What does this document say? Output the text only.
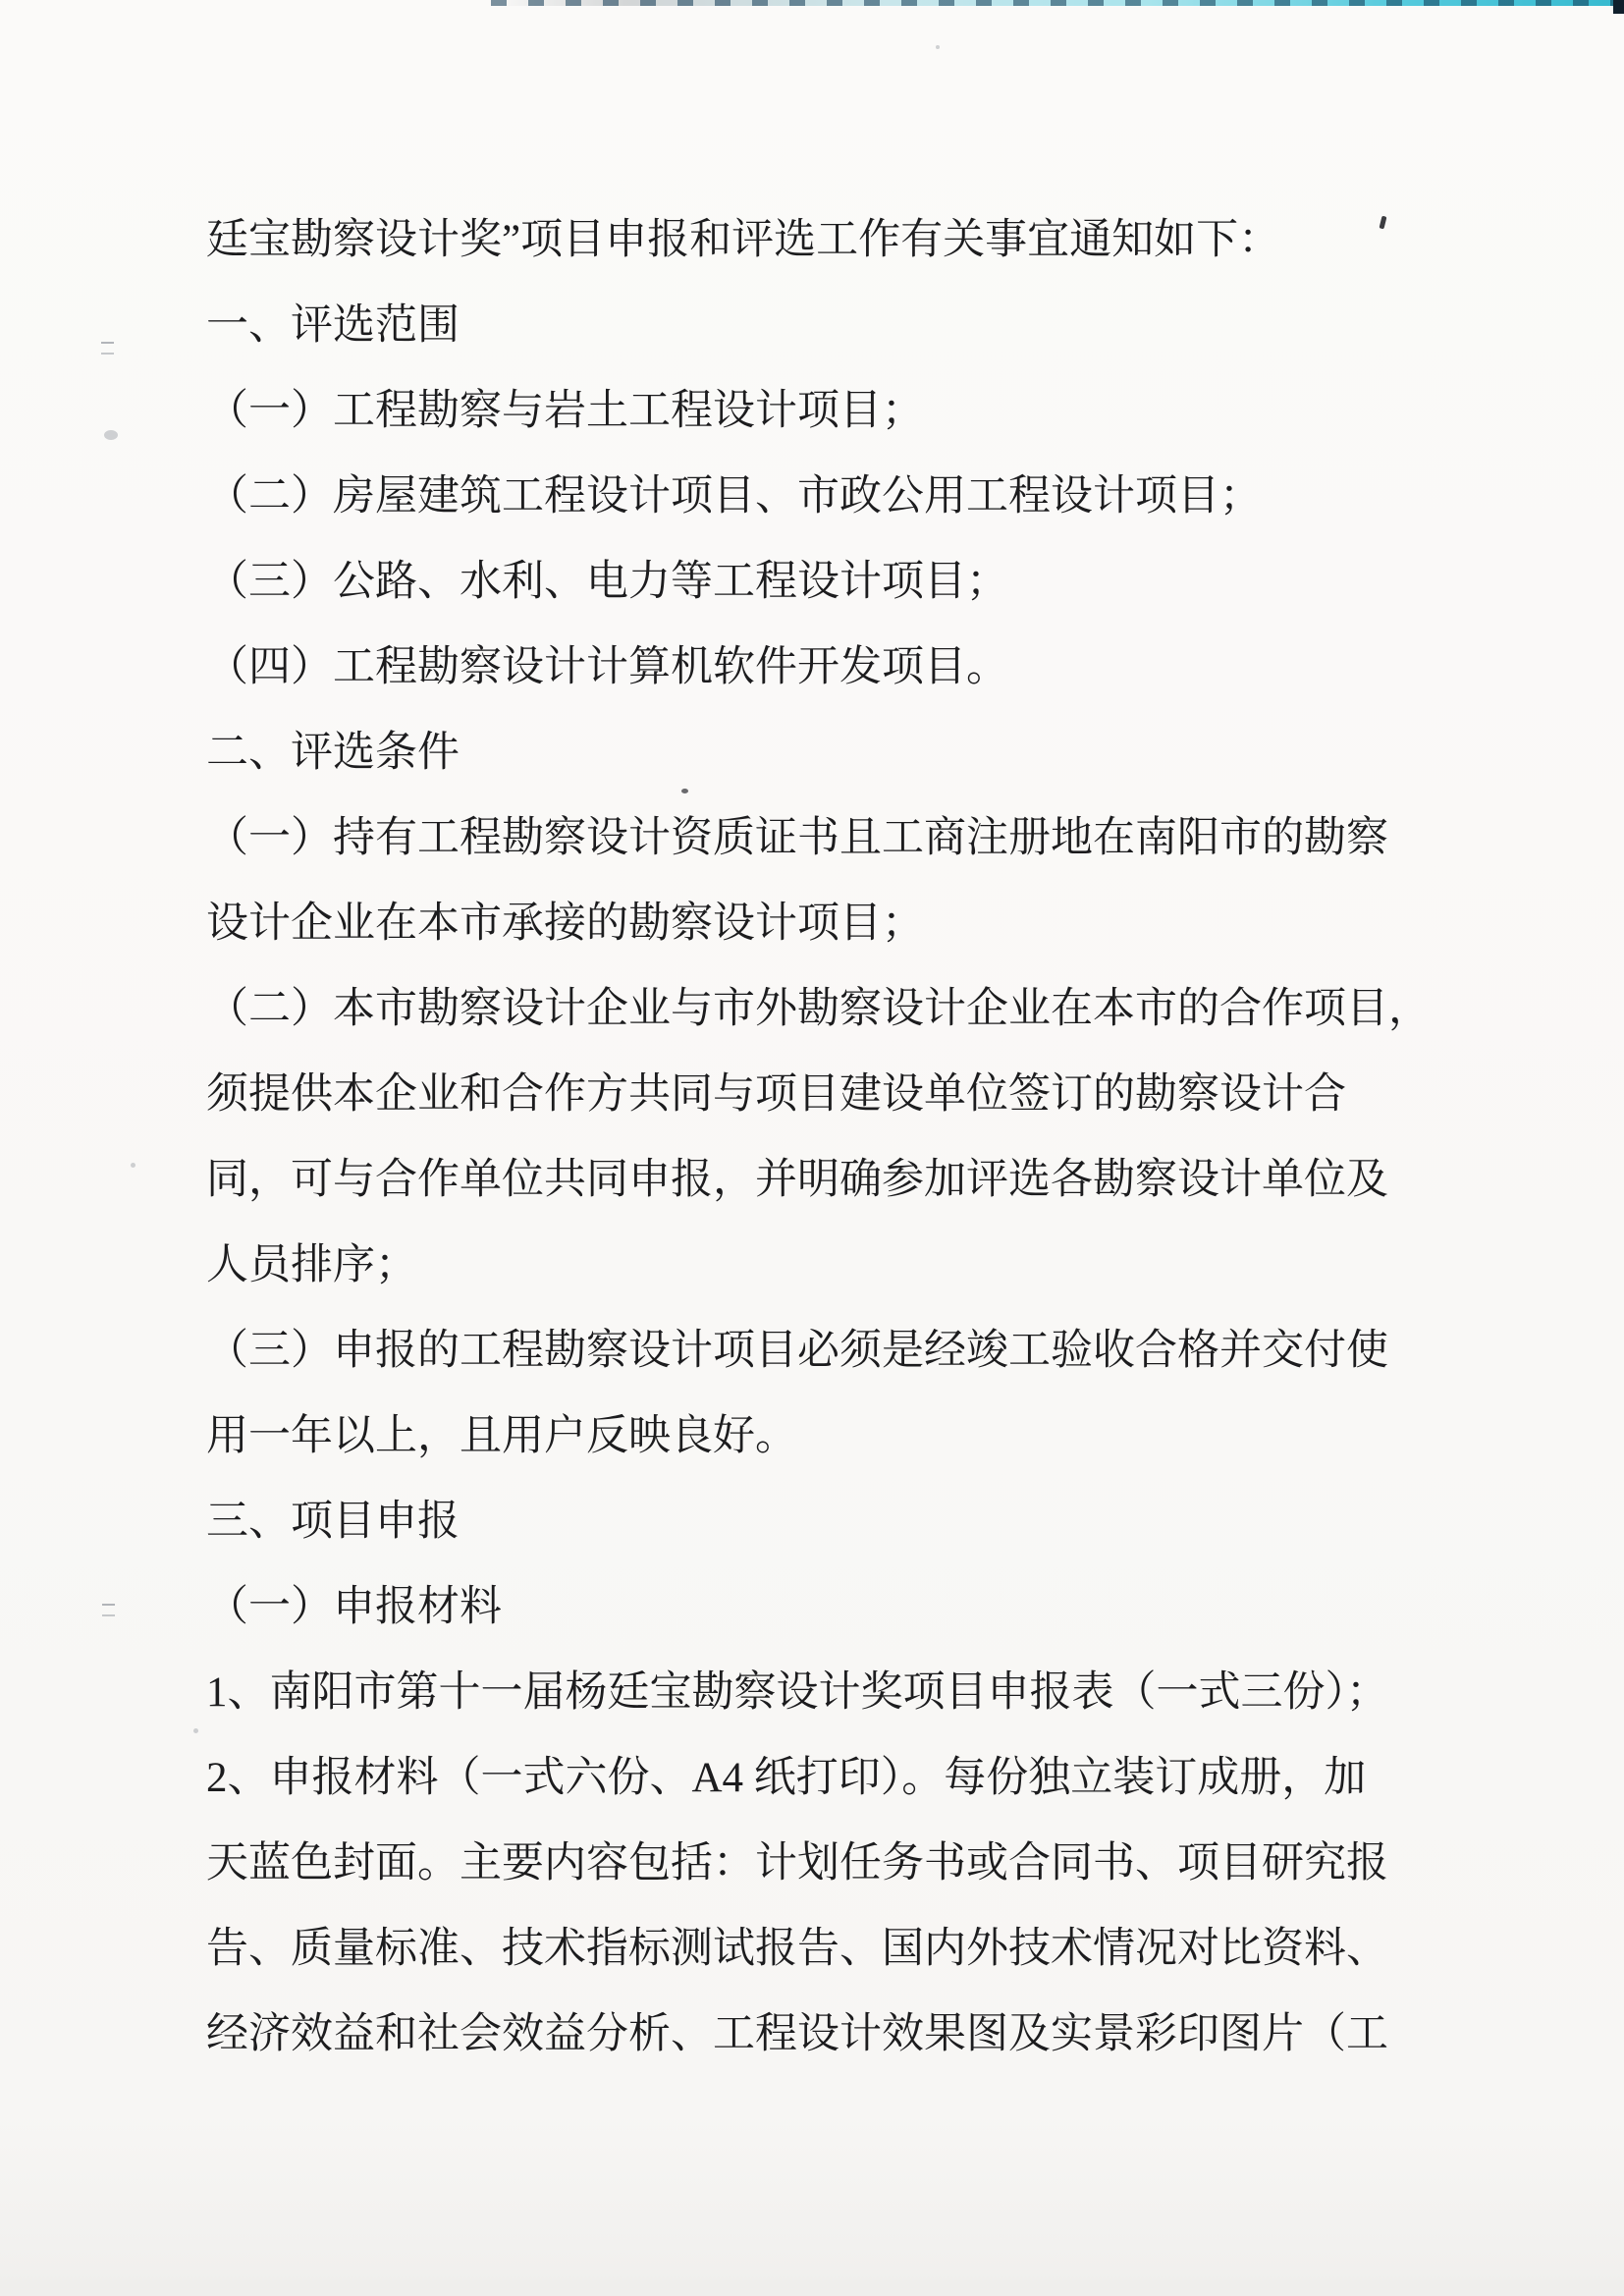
廷宝勘察设计奖”项目申报和评选工作有关事宜通知如下：

一、评选范围

（一）工程勘察与岩土工程设计项目；

（二）房屋建筑工程设计项目、市政公用工程设计项目；

（三）公路、水利、电力等工程设计项目；

（四）工程勘察设计计算机软件开发项目。

二、评选条件

（一）持有工程勘察设计资质证书且工商注册地在南阳市的勘察

设计企业在本市承接的勘察设计项目；

（二）本市勘察设计企业与市外勘察设计企业在本市的合作项目，

须提供本企业和合作方共同与项目建设单位签订的勘察设计合

同，可与合作单位共同申报，并明确参加评选各勘察设计单位及

人员排序；

（三）申报的工程勘察设计项目必须是经竣工验收合格并交付使

用一年以上，且用户反映良好。

三、项目申报

（一）申报材料

1、南阳市第十一届杨廷宝勘察设计奖项目申报表（一式三份）；

2、申报材料（一式六份、A4 纸打印）。每份独立装订成册，加

天蓝色封面。主要内容包括：计划任务书或合同书、项目研究报

告、质量标准、技术指标测试报告、国内外技术情况对比资料、

经济效益和社会效益分析、工程设计效果图及实景彩印图片（工
